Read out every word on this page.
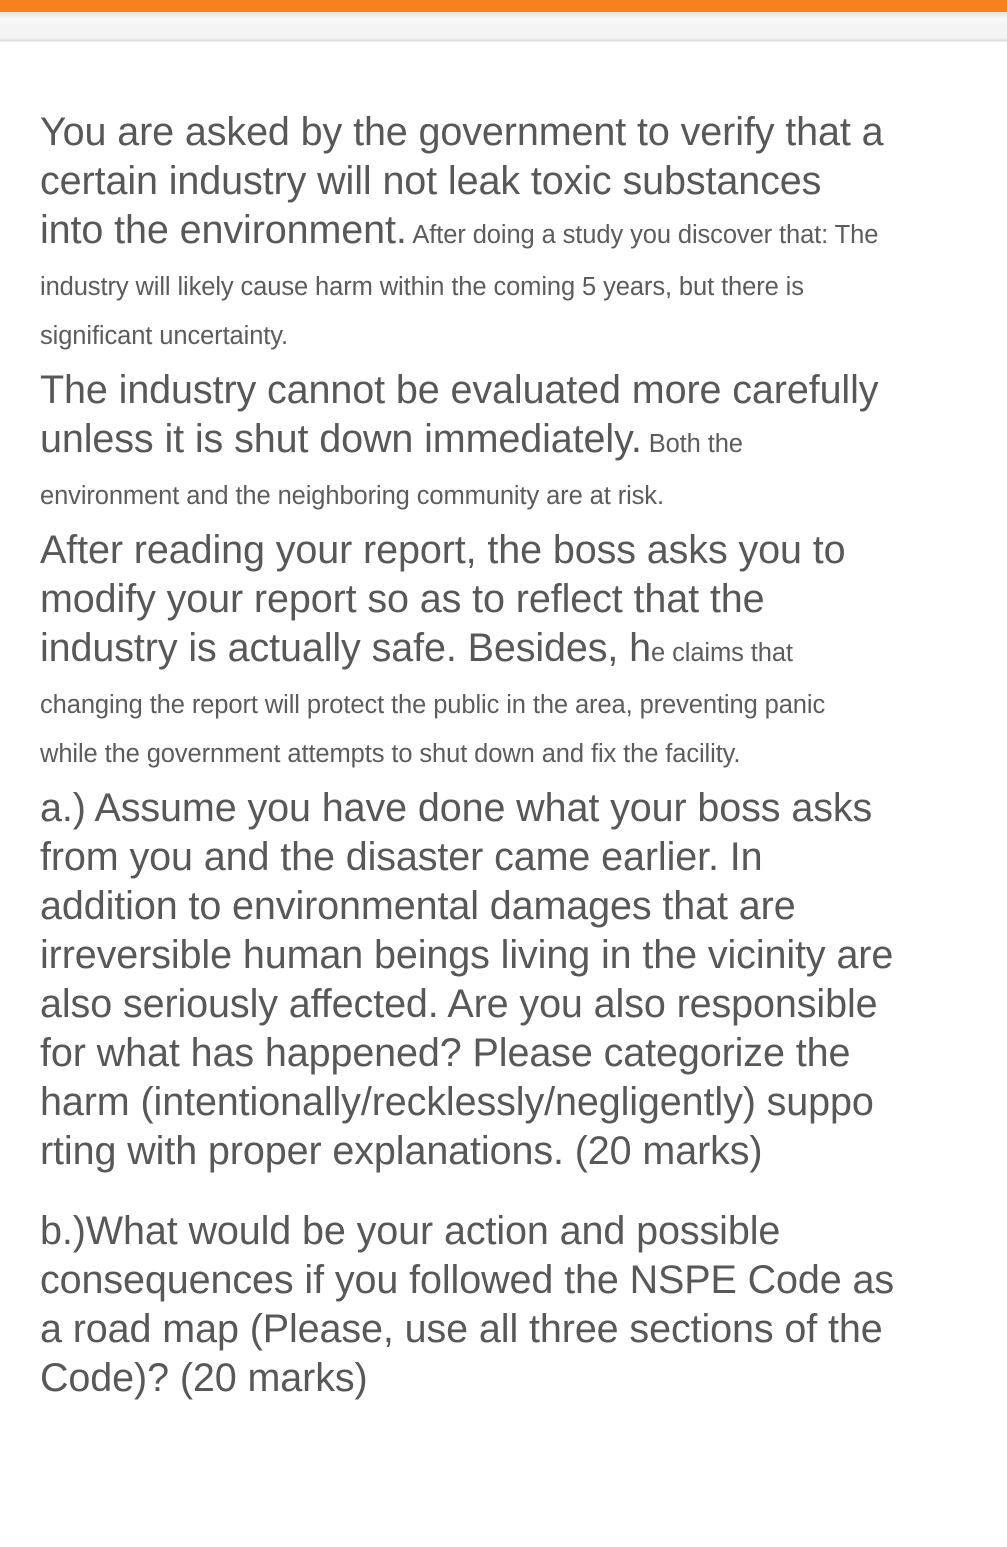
You are asked by the government to verify that a
certain industry will not leak toxic substances
into the environment. After doing a study you discover that: The
industry will likely cause harm within the coming 5 years, but there is
significant uncertainty.

The industry cannot be evaluated more carefully
unless it is shut down immediately. Both the
environment and the neighboring community are at risk.

After reading your report, the boss asks you to
modify your report so as to reflect that the
industry is actually safe. Besides, he claims that
changing the report will protect the public in the area, preventing panic
while the government attempts to shut down and fix the facility.

a.) Assume you have done what your boss asks
from you and the disaster came earlier. In
addition to environmental damages that are
irreversible human beings living in the vicinity are
also seriously affected. Are you also responsible
for what has happened? Please categorize the
harm (intentionally/recklessly/negligently) suppo
rting with proper explanations. (20 marks)

b.)What would be your action and possible
consequences if you followed the NSPE Code as
a road map (Please, use all three sections of the
Code)? (20 marks)
